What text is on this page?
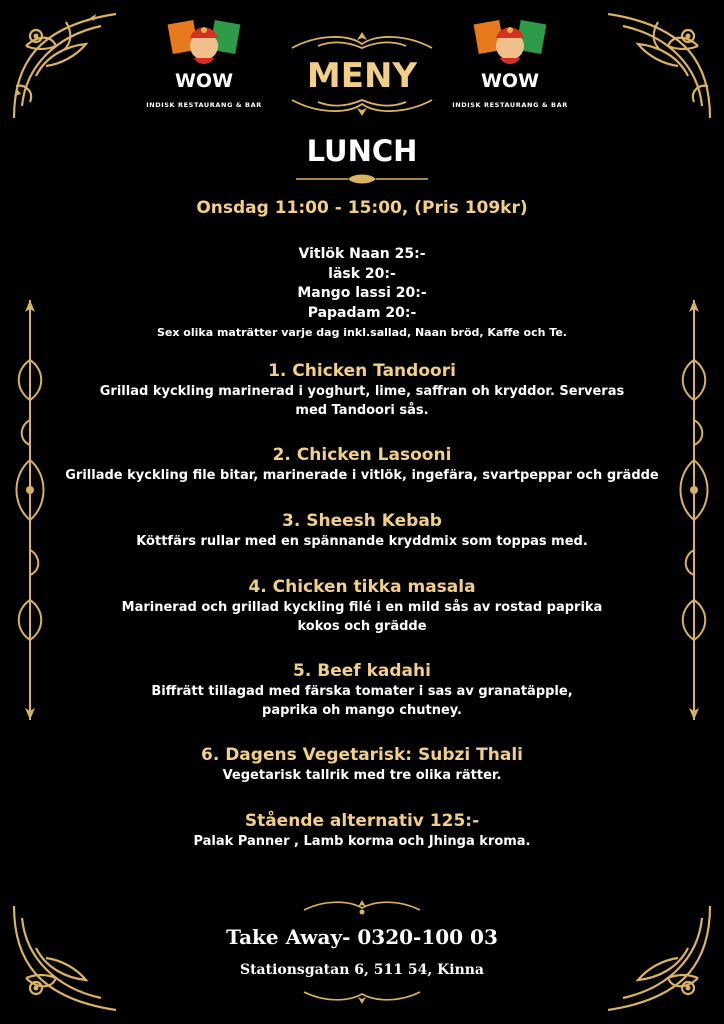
WOW
INDISK RESTAURANG & BAR
WOW
INDISK RESTAURANG & BAR
MENY
LUNCH
Onsdag 11:00 - 15:00, (Pris 109kr)
Vitlök Naan 25:-
läsk 20:-
Mango lassi 20:-
Papadam 20:-
Sex olika maträtter varje dag inkl.sallad, Naan bröd, Kaffe och Te.
1. Chicken Tandoori
Grillad kyckling marinerad i yoghurt, lime, saffran oh kryddor. Serveras
med Tandoori sås.
2. Chicken Lasooni
Grillade kyckling file bitar, marinerade i vitlök, ingefära, svartpeppar och grädde
3. Sheesh Kebab
Köttfärs rullar med en spännande kryddmix som toppas med.
4. Chicken tikka masala
Marinerad och grillad kyckling filé i en mild sås av rostad paprika
kokos och grädde
5. Beef kadahi
Biffrätt tillagad med färska tomater i sas av granatäpple,
paprika oh mango chutney.
6. Dagens Vegetarisk: Subzi Thali
Vegetarisk tallrik med tre olika rätter.
Stående alternativ 125:-
Palak Panner , Lamb korma och Jhinga kroma.
Take Away- 0320-100 03
Stationsgatan 6, 511 54, Kinna
